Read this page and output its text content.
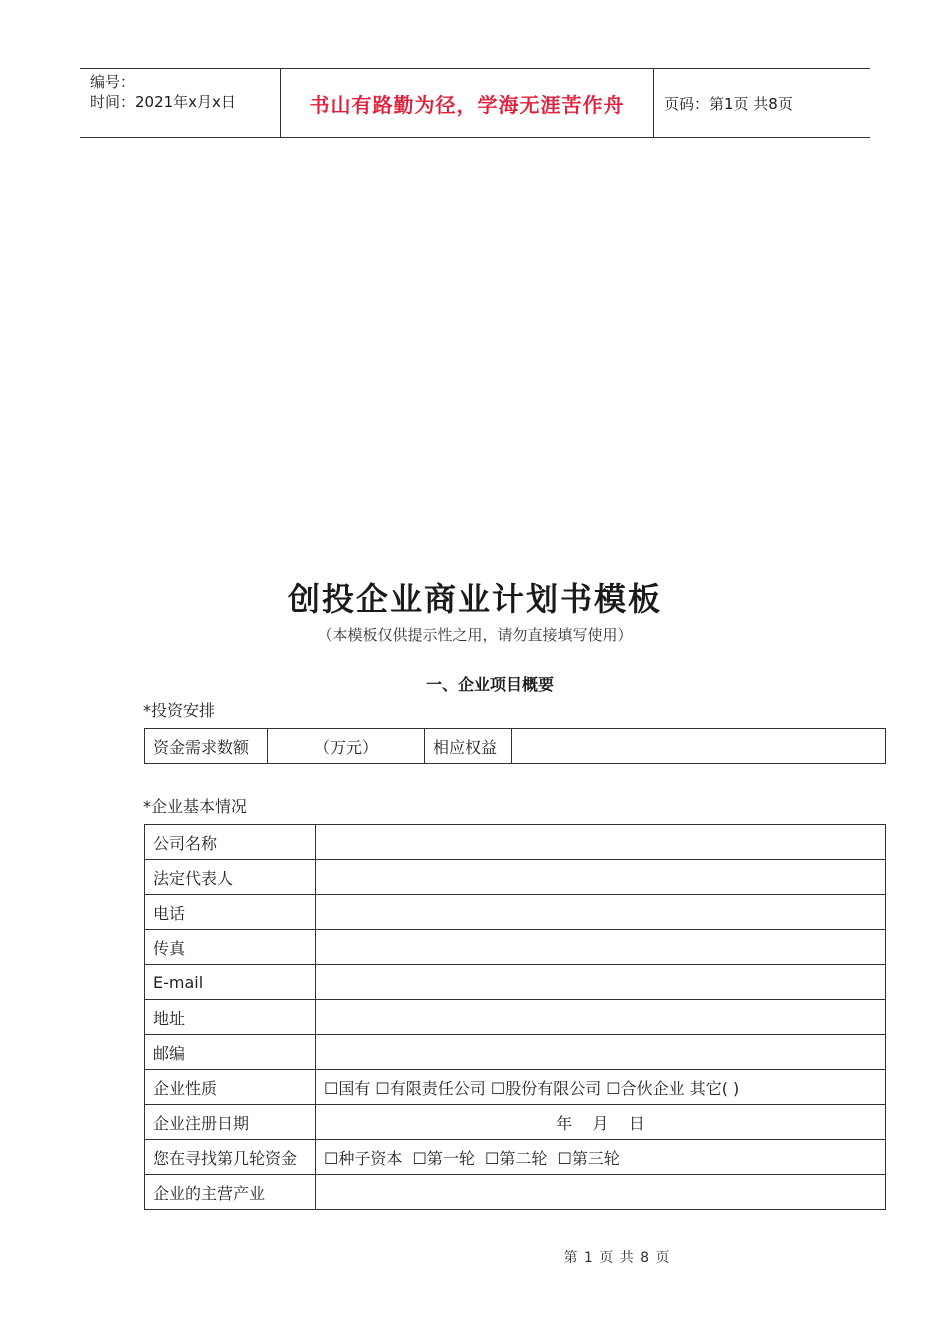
编号：
时间：2021年x月x日	书山有路勤为径，学海无涯苦作舟	页码：第1页 共8页
创投企业商业计划书模板
（本模板仅供提示性之用，请勿直接填写使用）
一、企业项目概要
*投资安排
资金需求数额	（万元）	相应权益	
*企业基本情况
公司名称	
法定代表人	
电话	
传真	
E-mail	
地址	
邮编	
企业性质	☐国有 ☐有限责任公司 ☐股份有限公司 ☐合伙企业 其它( )
企业注册日期	年    月    日
您在寻找第几轮资金	☐种子资本  ☐第一轮  ☐第二轮  ☐第三轮
企业的主营产业	
第 1 页 共 8 页
